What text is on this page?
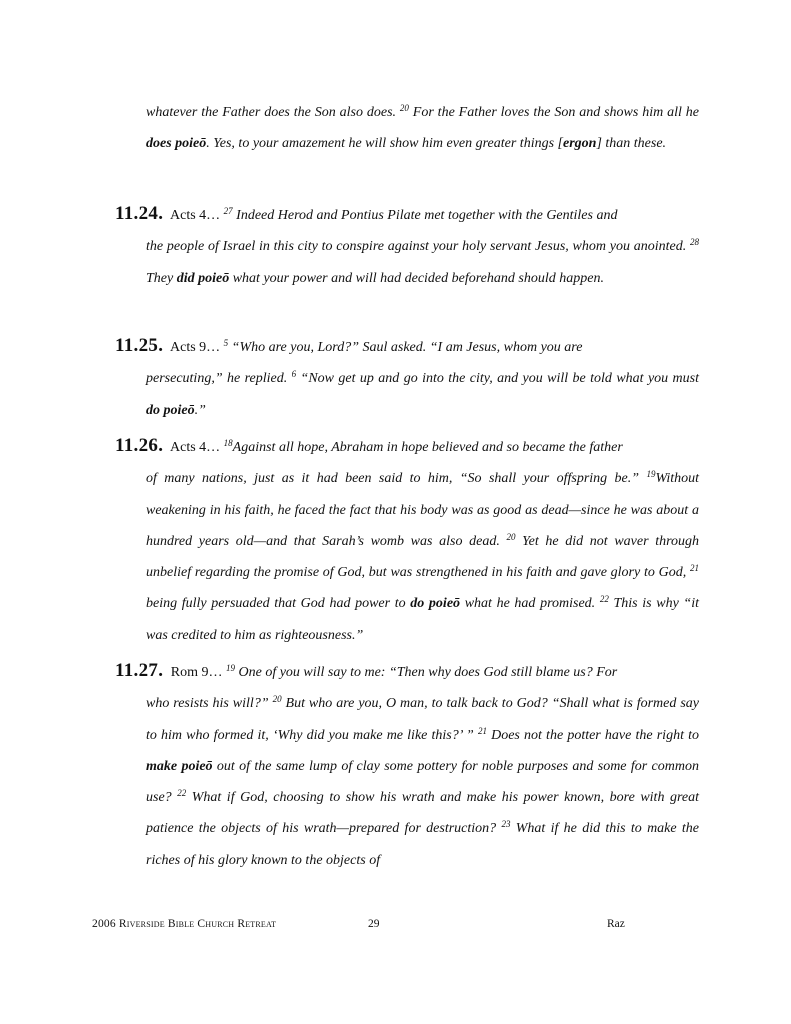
whatever the Father does the Son also does. $^{20}$ For the Father loves the Son and shows him all he does poieō. Yes, to your amazement he will show him even greater things [ergon] than these.
11.24. Acts 4… $^{27}$ Indeed Herod and Pontius Pilate met together with the Gentiles and
the people of Israel in this city to conspire against your holy servant Jesus, whom you anointed. $^{28}$ They did poieō what your power and will had decided beforehand should happen.
11.25. Acts 9… $^5$ “Who are you, Lord?” Saul asked. “I am Jesus, whom you are
persecuting,” he replied. $^6$ “Now get up and go into the city, and you will be told what you must do poieō.”
11.26. Acts 4… $^{18}$Against all hope, Abraham in hope believed and so became the father
of many nations, just as it had been said to him, “So shall your offspring be.” $^{19}$Without weakening in his faith, he faced the fact that his body was as good as dead—since he was about a hundred years old—and that Sarah’s womb was also dead. $^{20}$ Yet he did not waver through unbelief regarding the promise of God, but was strengthened in his faith and gave glory to God, $^{21}$ being fully persuaded that God had power to do poieō what he had promised. $^{22}$ This is why “it was credited to him as righteousness.”
11.27. Rom 9… $^{19}$ One of you will say to me: “Then why does God still blame us? For
who resists his will?” $^{20}$ But who are you, O man, to talk back to God? “Shall what is formed say to him who formed it, ‘Why did you make me like this?’ ” $^{21}$ Does not the potter have the right to make poieō out of the same lump of clay some pottery for noble purposes and some for common use? $^{22}$ What if God, choosing to show his wrath and make his power known, bore with great patience the objects of his wrath—prepared for destruction? $^{23}$ What if he did this to make the riches of his glory known to the objects of
2006 Riverside Bible Church Retreat	29	Raz
